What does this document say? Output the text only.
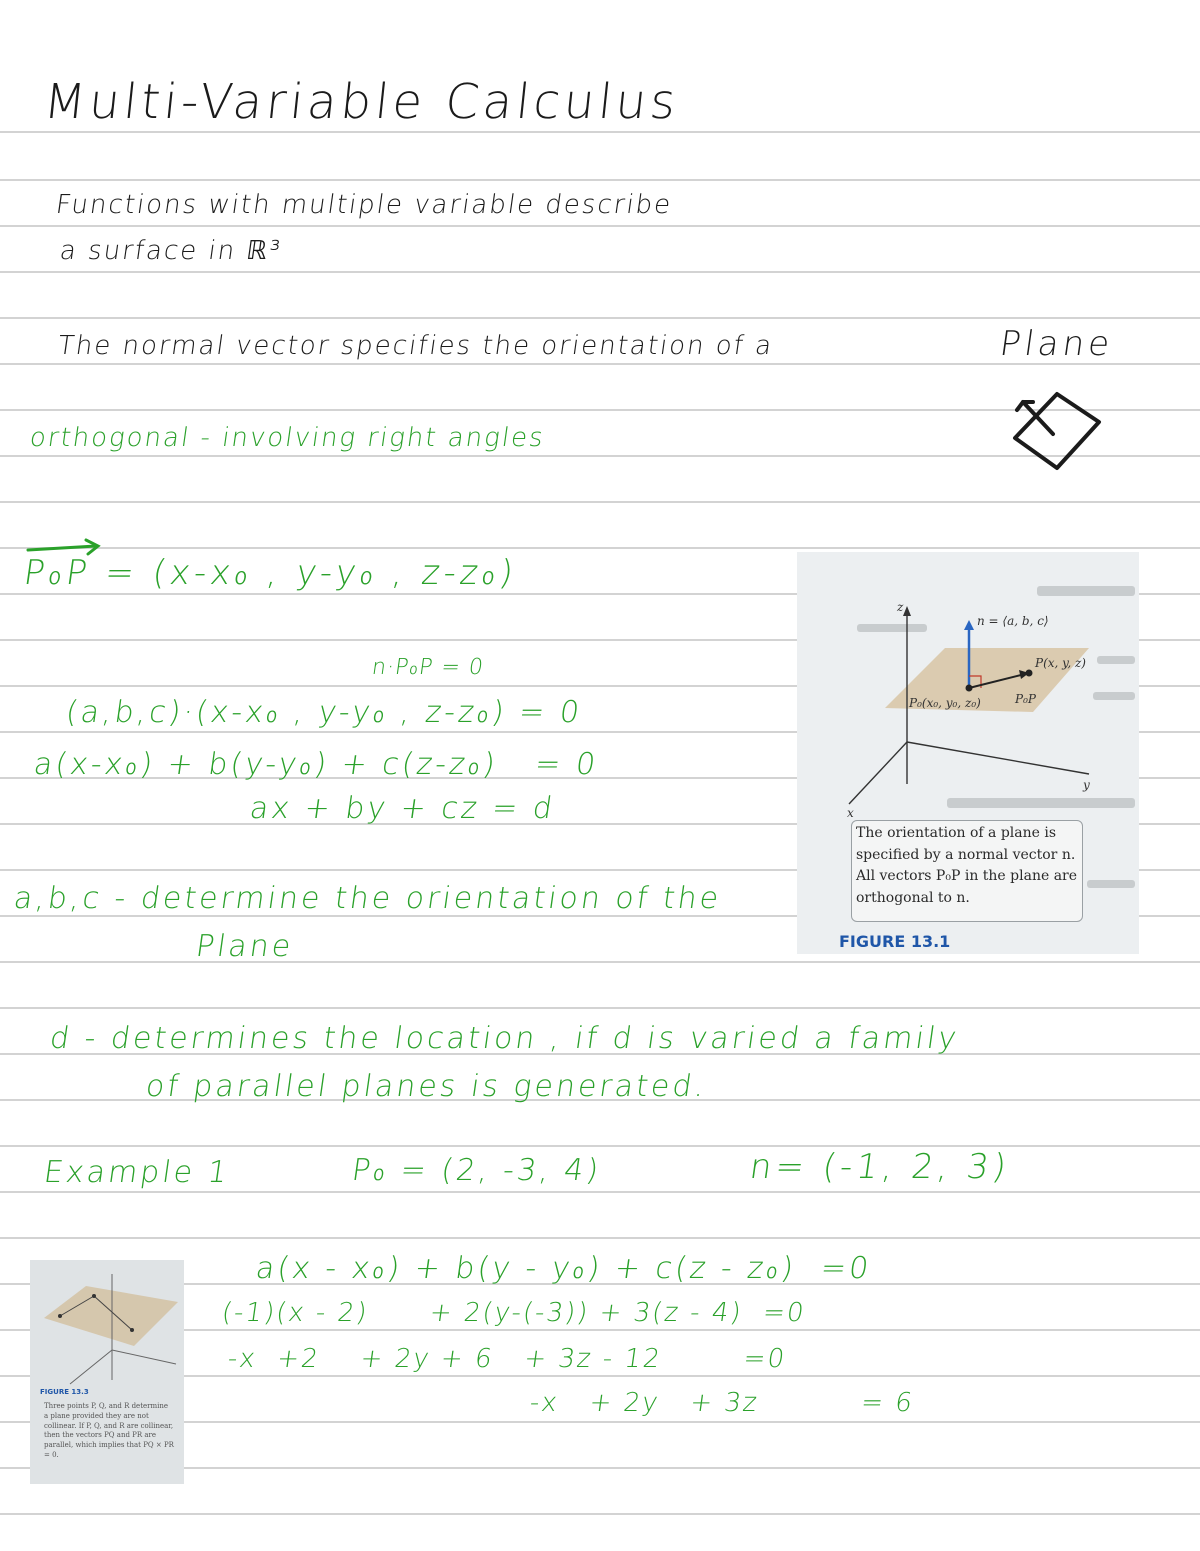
Multi-Variable Calculus
Functions with multiple variable describe
a surface in ℝ³
The normal vector specifies the orientation of a	Plane
orthogonal - involving right angles
P₀P = (x-x₀ , y-y₀ , z-z₀)
n·P₀P = 0
(a,b,c)·(x-x₀ , y-y₀ , z-z₀) = 0
a(x-x₀) + b(y-y₀) + c(z-z₀)   = 0
ax + by + cz = d
a,b,c - determine the orientation of the
Plane
d - determines the location , if d is varied a family
of parallel planes is generated.
Example 1	P₀ = (2, -3, 4)	n= (-1, 2, 3)
a(x - x₀) + b(y - y₀) + c(z - z₀)  =0
(-1)(x - 2)      + 2(y-(-3)) + 3(z - 4)  =0
-x  +2    + 2y + 6   + 3z - 12        =0
-x   + 2y   + 3z          = 6
z
y
x
n = ⟨a, b, c⟩
P(x, y, z)
P₀(x₀, y₀, z₀)	P₀P
The orientation of a plane is specified by a normal vector n. All vectors P₀P in the plane are orthogonal to n.
FIGURE 13.1
FIGURE 13.3
Three points P, Q, and R determine a plane provided they are not collinear. If P, Q, and R are collinear, then the vectors PQ and PR are parallel, which implies that PQ × PR = 0.
